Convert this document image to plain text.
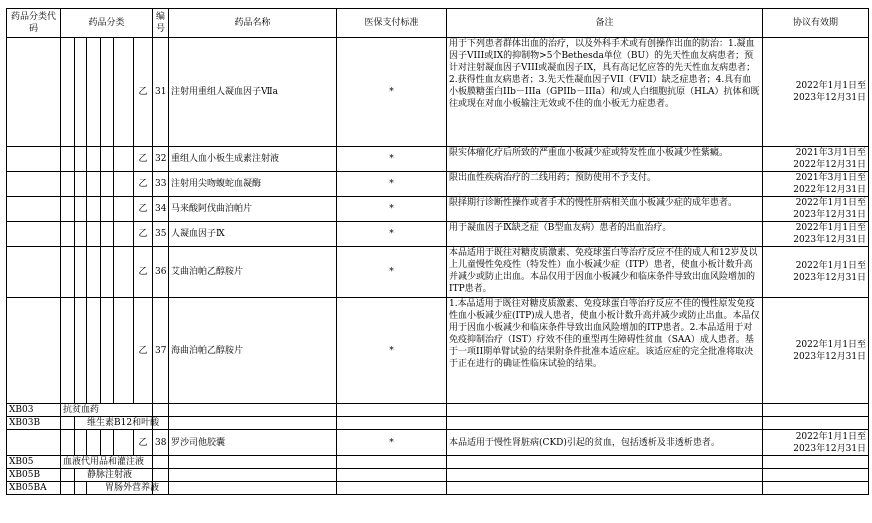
药品分类代码	药品分类						编号	药品名称	医保支付标准	备注	协议有效期
						乙	31	注射用重组人凝血因子Ⅶa	*	用于下列患者群体出血的治疗，以及外科手术或有创操作出血的防治：1.凝血因子VIII或IX的抑制物>5个Bethesda单位（BU）的先天性血友病患者；预计对注射凝血因子VIII或凝血因子IX，具有高记忆应答的先天性血友病患者；2.获得性血友病患者；3.先天性凝血因子VII（FVII）缺乏症患者；4.具有血小板膜糖蛋白IIb－IIIa（GPIIb－IIIa）和/或人白细胞抗原（HLA）抗体和既往或现在对血小板输注无效或不佳的血小板无力症患者。	2022年1月1日至
2023年12月31日
						乙	32	重组人血小板生成素注射液	*	限实体瘤化疗后所致的严重血小板减少症或特发性血小板减少性紫癜。	2021年3月1日至
2022年12月31日
						乙	33	注射用尖吻蝮蛇血凝酶	*	限出血性疾病治疗的二线用药；预防使用不予支付。	2021年3月1日至
2022年12月31日
						乙	34	马来酸阿伐曲泊帕片	*	限择期行诊断性操作或者手术的慢性肝病相关血小板减少症的成年患者。	2022年1月1日至
2023年12月31日
						乙	35	人凝血因子Ⅸ	*	用于凝血因子Ⅸ缺乏症（B型血友病）患者的出血治疗。	2022年1月1日至
2023年12月31日
						乙	36	艾曲泊帕乙醇胺片	*	本品适用于既往对糖皮质激素、免疫球蛋白等治疗反应不佳的成人和12岁及以上儿童慢性免疫性（特发性）血小板减少症（ITP）患者，使血小板计数升高并减少或防止出血。本品仅用于因血小板减少和临床条件导致出血风险增加的ITP患者。	2022年1月1日至
2023年12月31日
						乙	37	海曲泊帕乙醇胺片	*	1.本品适用于既往对糖皮质激素、免疫球蛋白等治疗反应不佳的慢性原发免疫性血小板减少症(ITP)成人患者，使血小板计数升高并减少或防止出血。本品仅用于因血小板减少和临床条件导致出血风险增加的ITP患者。2.本品适用于对免疫抑制治疗（IST）疗效不佳的重型再生障碍性贫血（SAA）成人患者。基于一项II期单臂试验的结果附条件批准本适应症。该适应症的完全批准将取决于正在进行的确证性临床试验的结果。	2022年1月1日至
2023年12月31日
XB03	抗贫血药										
XB03B		维生素B12和叶酸									
						乙	38	罗沙司他胶囊	*	本品适用于慢性肾脏病(CKD)引起的贫血，包括透析及非透析患者。	2022年1月1日至
2023年12月31日
XB05	血液代用品和灌注液										
XB05B		静脉注射液									
XB05BA			胃肠外营养液								
